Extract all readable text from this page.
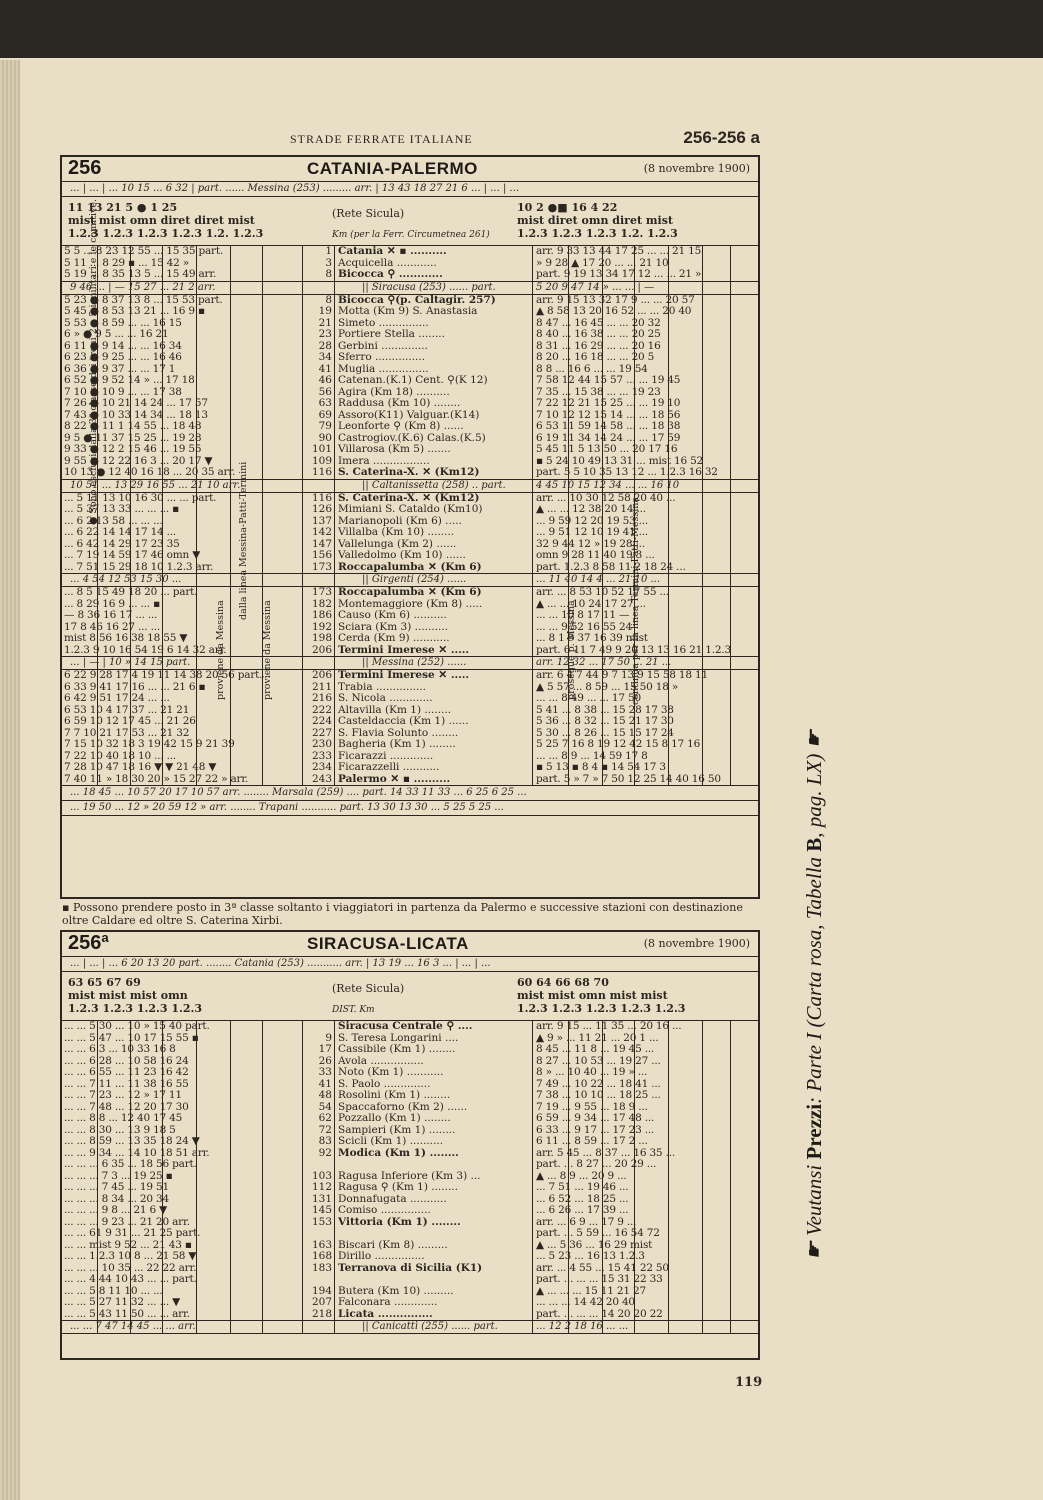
STRADE FERRATE ITALIANE	256-256 a
256	CATANIA-PALERMO	(8 novembre 1900)
... | ... | ... 10 15 ... 6 32 | part. ...... Messina (253) ......... arr. | 13 43 18 27 21 6 ... | ... | ...
11 13 21 5 ● 1 25
mist mist omn diret diret mist
1.2.3 1.2.3 1.2.3 1.2.3 1.2. 1.2.3
(Rete Sicula)
Km (per la Ferr. Circumetnea 261)
10 2 ●■ 16 4 22
mist diret omn diret mist
1.2.3 1.2.3 1.2.3 1.2. 1.2.3
5 5 ... 8 23 12 55 ... 15 35 part.	1 Catania ✕ ▪ ..........	arr. 9 33 13 44 17 25 ... ... 21 15
5 11 ... 8 29 ▪ ... 15 42 »	3 Acquicella ............	» 9 28 ▲ 17 20 ... ... 21 10
5 19 ... 8 35 13 5 ... 15 49 arr.	8 Bicocca ⚲ ............	part. 9 19 13 34 17 12 ... ... 21 »
9 46 ... | — 15 27 ... 21 2 arr.	|| Siracusa (253) ...... part.	5 20 9 47 14 » ... ... | —
5 23 ● 8 37 13 8 ... 15 53 part.	8 Bicocca ⚲(p. Caltagir. 257)	arr. 9 15 13 32 17 9 ... ... 20 57
5 45 ● 8 53 13 21 ... 16 9 ▪	19 Motta (Km 9) S. Anastasia	▲ 8 58 13 20 16 52 ... ... 20 40
5 53 ● 8 59 ... ... 16 15	21 Simeto ...............	8 47 ... 16 45 ... ... 20 32
6 » ● 9 5 ... ... 16 21	23 Portiere Stella ........	8 40 ... 16 38 ... ... 20 25
6 11 ● 9 14 ... ... 16 34	28 Gerbini ..............	8 31 ... 16 29 ... ... 20 16
6 23 ● 9 25 ... ... 16 46	34 Sferro ...............	8 20 ... 16 18 ... ... 20 5
6 36 ● 9 37 ... ... 17 1	41 Muglia ...............	8 8 ... 16 6 ... ... 19 54
6 52 ● 9 52 14 » ... 17 18	46 Catenan.(K.1) Cent. ⚲(K 12)	7 58 12 44 15 57 ... ... 19 45
7 10 ● 10 9 ... ... 17 38	56 Agira (Km 18) ..........	7 35 ... 15 38 ... ... 19 23
7 26 ● 10 21 14 24 ... 17 57	63 Raddusa (Km 10) ........	7 22 12 21 15 25 ... ... 19 10
7 43 ● 10 33 14 34 ... 18 13	69 Assoro(K11) Valguar.(K14)	7 10 12 12 15 14 ... ... 18 56
8 22 ● 11 1 14 55 ... 18 48	79 Leonforte ⚲ (Km 8) ......	6 53 11 59 14 58 ... ... 18 38
9 5 ● 11 37 15 25 ... 19 28	90 Castrogiov.(K.6) Calas.(K.5)	6 19 11 34 14 24 ... ... 17 59
9 33 ● 12 2 15 46 ... 19 55	101 Villarosa (Km 5) .......	5 45 11 5 13 50 ... 20 17 16
9 55 ● 12 22 16 3 ... 20 17 ▼	109 Imera .................	▪ 5 24 10 49 13 31 ... mist 16 52
10 13 ● 12 40 16 18 ... 20 35 arr.	116 S. Caterina-X. ✕ (Km12)	part. 5 5 10 35 13 12 ... 1.2.3 16 32
10 51 ... 13 29 16 55 ... 21 10 arr.	|| Caltanissetta (258) .. part.	4 45 10 15 12 34 ... ... 16 10
... 5 11 13 10 16 30 ... ... part.	116 S. Caterina-X. ✕ (Km12)	arr. ... 10 30 12 58 20 40 ...
... 5 37 13 33 ... ... ... ▪	126 Mimiani S. Cataldo (Km10)	▲ ... ... 12 38 20 14 ...
... 6 2 13 58 ... ... ...	137 Marianopoli (Km 6) .....	... 9 59 12 20 19 53 ...
... 6 22 14 14 17 14 ...	142 Villalba (Km 10) ........	... 9 51 12 10 19 41 ...
... 6 42 14 29 17 23 35	147 Vallelunga (Km 2) ......	32 9 44 12 » 19 28 ...
... 7 19 14 59 17 46 omn ▼	156 Valledolmo (Km 10) ......	omn 9 28 11 40 19 3 ...
... 7 51 15 29 18 10 1.2.3 arr.	173 Roccapalumba ✕ (Km 6)	part. 1.2.3 8 58 11 2 18 24 ...
... 4 54 12 53 15 30 ...	|| Girgenti (254) ......	... 11 40 14 4 ... 21 10 ...
... 8 5 15 49 18 20 ... part.	173 Roccapalumba ✕ (Km 6)	arr. ... 8 53 10 52 17 55 ...
... 8 29 16 9 ... ... ▪	182 Montemaggiore (Km 8) .....	▲ ... ... 10 24 17 27 ...
— 8 36 16 17 ... ...	186 Causo (Km 6) ..........	... ... 10 8 17 11 —
17 8 46 16 27 ... ...	192 Sciara (Km 3) ..........	... ... 9 52 16 55 24
mist 8 56 16 38 18 55 ▼	198 Cerda (Km 9) ...........	... 8 1 9 37 16 39 mist
1.2.3 9 10 16 54 19 6 14 32 arr.	206 Termini Imerese ✕ .....	part. 6 11 7 49 9 20 13 13 16 21 1.2.3
... | — | 10 » 14 15 part.	|| Messina (252) ......	arr. 12 32 ... 17 50 ... 21 ...
6 22 9 28 17 4 19 11 14 38 20 56 part.	206 Termini Imerese ✕ .....	arr. 6 4 7 44 9 7 13 9 15 58 18 11
6 33 9 41 17 16 ... ... 21 6 ▪	211 Trabia ...............	▲ 5 57 ... 8 59 ... 15 50 18 »
6 42 9 51 17 24 ... ...	216 S. Nicola .............	... ... 8 49 ... ... 17 50
6 53 10 4 17 37 ... 21 21	222 Altavilla (Km 1) ........	5 41 ... 8 38 ... 15 28 17 38
6 59 10 12 17 45 ... 21 26	224 Casteldaccia (Km 1) ......	5 36 ... 8 32 ... 15 21 17 30
7 7 10 21 17 53 ... 21 32	227 S. Flavia Solunto ........	5 30 ... 8 26 ... 15 15 17 24
7 15 10 32 18 3 19 42 15 9 21 39	230 Bagheria (Km 1) ........	5 25 7 16 8 19 12 42 15 8 17 16
7 22 10 40 18 10 ... ...	233 Ficarazzi .............	... ... 8 9 ... 14 59 17 8
7 28 10 47 18 16 ▼ ▼ 21 48 ▼	234 Ficarazzelli ...........	▪ 5 13 ▪ 8 4 ▪ 14 54 17 3
7 40 11 » 18 30 20 » 15 27 22 » arr.	243 Palermo ✕ ▪ ..........	part. 5 » 7 » 7 50 12 25 14 40 16 50
... 18 45 ... 10 57 20 17 10 57 arr. ........ Marsala (259) .... part. 14 33 11 33 ... 6 25 6 25 ...
... 19 50 ... 12 » 20 59 12 » arr. ........ Trapani ........... part. 13 30 13 30 ... 5 25 5 25 ...
▪ Possono prendere posto in 3ª classe soltanto i viaggiatori in partenza da Palermo e successive stazioni con destinazione oltre Caldare ed oltre S. Caterina Xirbi.
256ª	SIRACUSA-LICATA	(8 novembre 1900)
... | ... | ... 6 20 13 20 part. ........ Catania (253) ........... arr. | 13 19 ... 16 3 ... | ... | ...
63 65 67 69
mist mist mist omn
1.2.3 1.2.3 1.2.3 1.2.3
(Rete Sicula)
DIST. Km
60 64 66 68 70
mist mist omn mist mist
1.2.3 1.2.3 1.2.3 1.2.3 1.2.3
... ... 5 30 ... 10 » 15 40 part.	Siracusa Centrale ⚲ ....	arr. 9 15 ... 11 35 ... 20 16 ...
... ... 5 47 ... 10 17 15 55 ▪	9 S. Teresa Longarini ....	▲ 9 » ... 11 21 ... 20 1 ...
... ... 6 3 ... 10 33 16 8	17 Cassibile (Km 1) ........	8 45 ... 11 8 ... 19 45 ...
... ... 6 28 ... 10 58 16 24	26 Avola ................	8 27 ... 10 53 ... 19 27 ...
... ... 6 55 ... 11 23 16 42	33 Noto (Km 1) ...........	8 » ... 10 40 ... 19 » ...
... ... 7 11 ... 11 38 16 55	41 S. Paolo ..............	7 49 ... 10 22 ... 18 41 ...
... ... 7 23 ... 12 » 17 11	48 Rosolini (Km 1) ........	7 38 ... 10 10 ... 18 25 ...
... ... 7 48 ... 12 20 17 30	54 Spaccaforno (Km 2) ......	7 19 ... 9 55 ... 18 9 ...
... ... 8 8 ... 12 40 17 45	62 Pozzallo (Km 1) ........	6 59 ... 9 34 ... 17 48 ...
... ... 8 30 ... 13 9 18 5	72 Sampieri (Km 1) ........	6 33 ... 9 17 ... 17 23 ...
... ... 8 59 ... 13 35 18 24 ▼	83 Scicli (Km 1) ..........	6 11 ... 8 59 ... 17 2 ...
... ... 9 34 ... 14 10 18 51 arr.	92 Modica (Km 1) ........	arr. 5 45 ... 8 37 ... 16 35 ...
... ... ... 6 35 ... 18 56 part.	part. ... 8 27 ... 20 29 ...
... ... ... 7 3 ... 19 25 ▪	103 Ragusa Inferiore (Km 3) ...	▲ ... 8 9 ... 20 9 ...
... ... ... 7 45 ... 19 51	112 Ragusa ⚲ (Km 1) ........	... 7 51 ... 19 46 ...
... ... ... 8 34 ... 20 34	131 Donnafugata ...........	... 6 52 ... 18 25 ...
... ... ... 9 8 ... 21 6 ▼	145 Comiso ...............	... 6 26 ... 17 39 ...
... ... ... 9 23 ... 21 20 arr.	153 Vittoria (Km 1) ........	arr. ... 6 9 ... 17 9 ...
... ... 61 9 31 ... 21 25 part.	part. ... 5 59 ... 16 54 72
... ... mist 9 52 ... 21 43 ▪	163 Biscari (Km 8) .........	▲ ... 5 36 ... 16 29 mist
... ... 1.2.3 10 8 ... 21 58 ▼	168 Dirillo ...............	... 5 23 ... 16 13 1.2.3
... ... ... 10 35 ... 22 22 arr.	183 Terranova di Sicilia (K1)	arr. ... 4 55 ... 15 41 22 50
... ... 4 44 10 43 ... ... part.	part. ... ... ... 15 31 22 33
... ... 5 8 11 10 ... ...	194 Butera (Km 10) .........	▲ ... ... ... 15 11 21 27
... ... 5 27 11 32 ... ... ▼	207 Falconara .............	... ... ... 14 42 20 40
... ... 5 43 11 50 ... ... arr.	218 Licata ...............	part. ... ... ... 14 20 20 22
... ... 7 47 14 45 ... ... arr.	|| Canicattì (255) ...... part.	... 12 2 18 16 ... ...
dalla linea Messina-Patti-Termini
proviene da Messina	proviene da Messina	prosegue p. Messina	continua per la linea Termini-Patti-Messina
☛ Veutansi Prezzi: Parte I (Carta rosa, Tabella B, pag. LX) ☛
119
